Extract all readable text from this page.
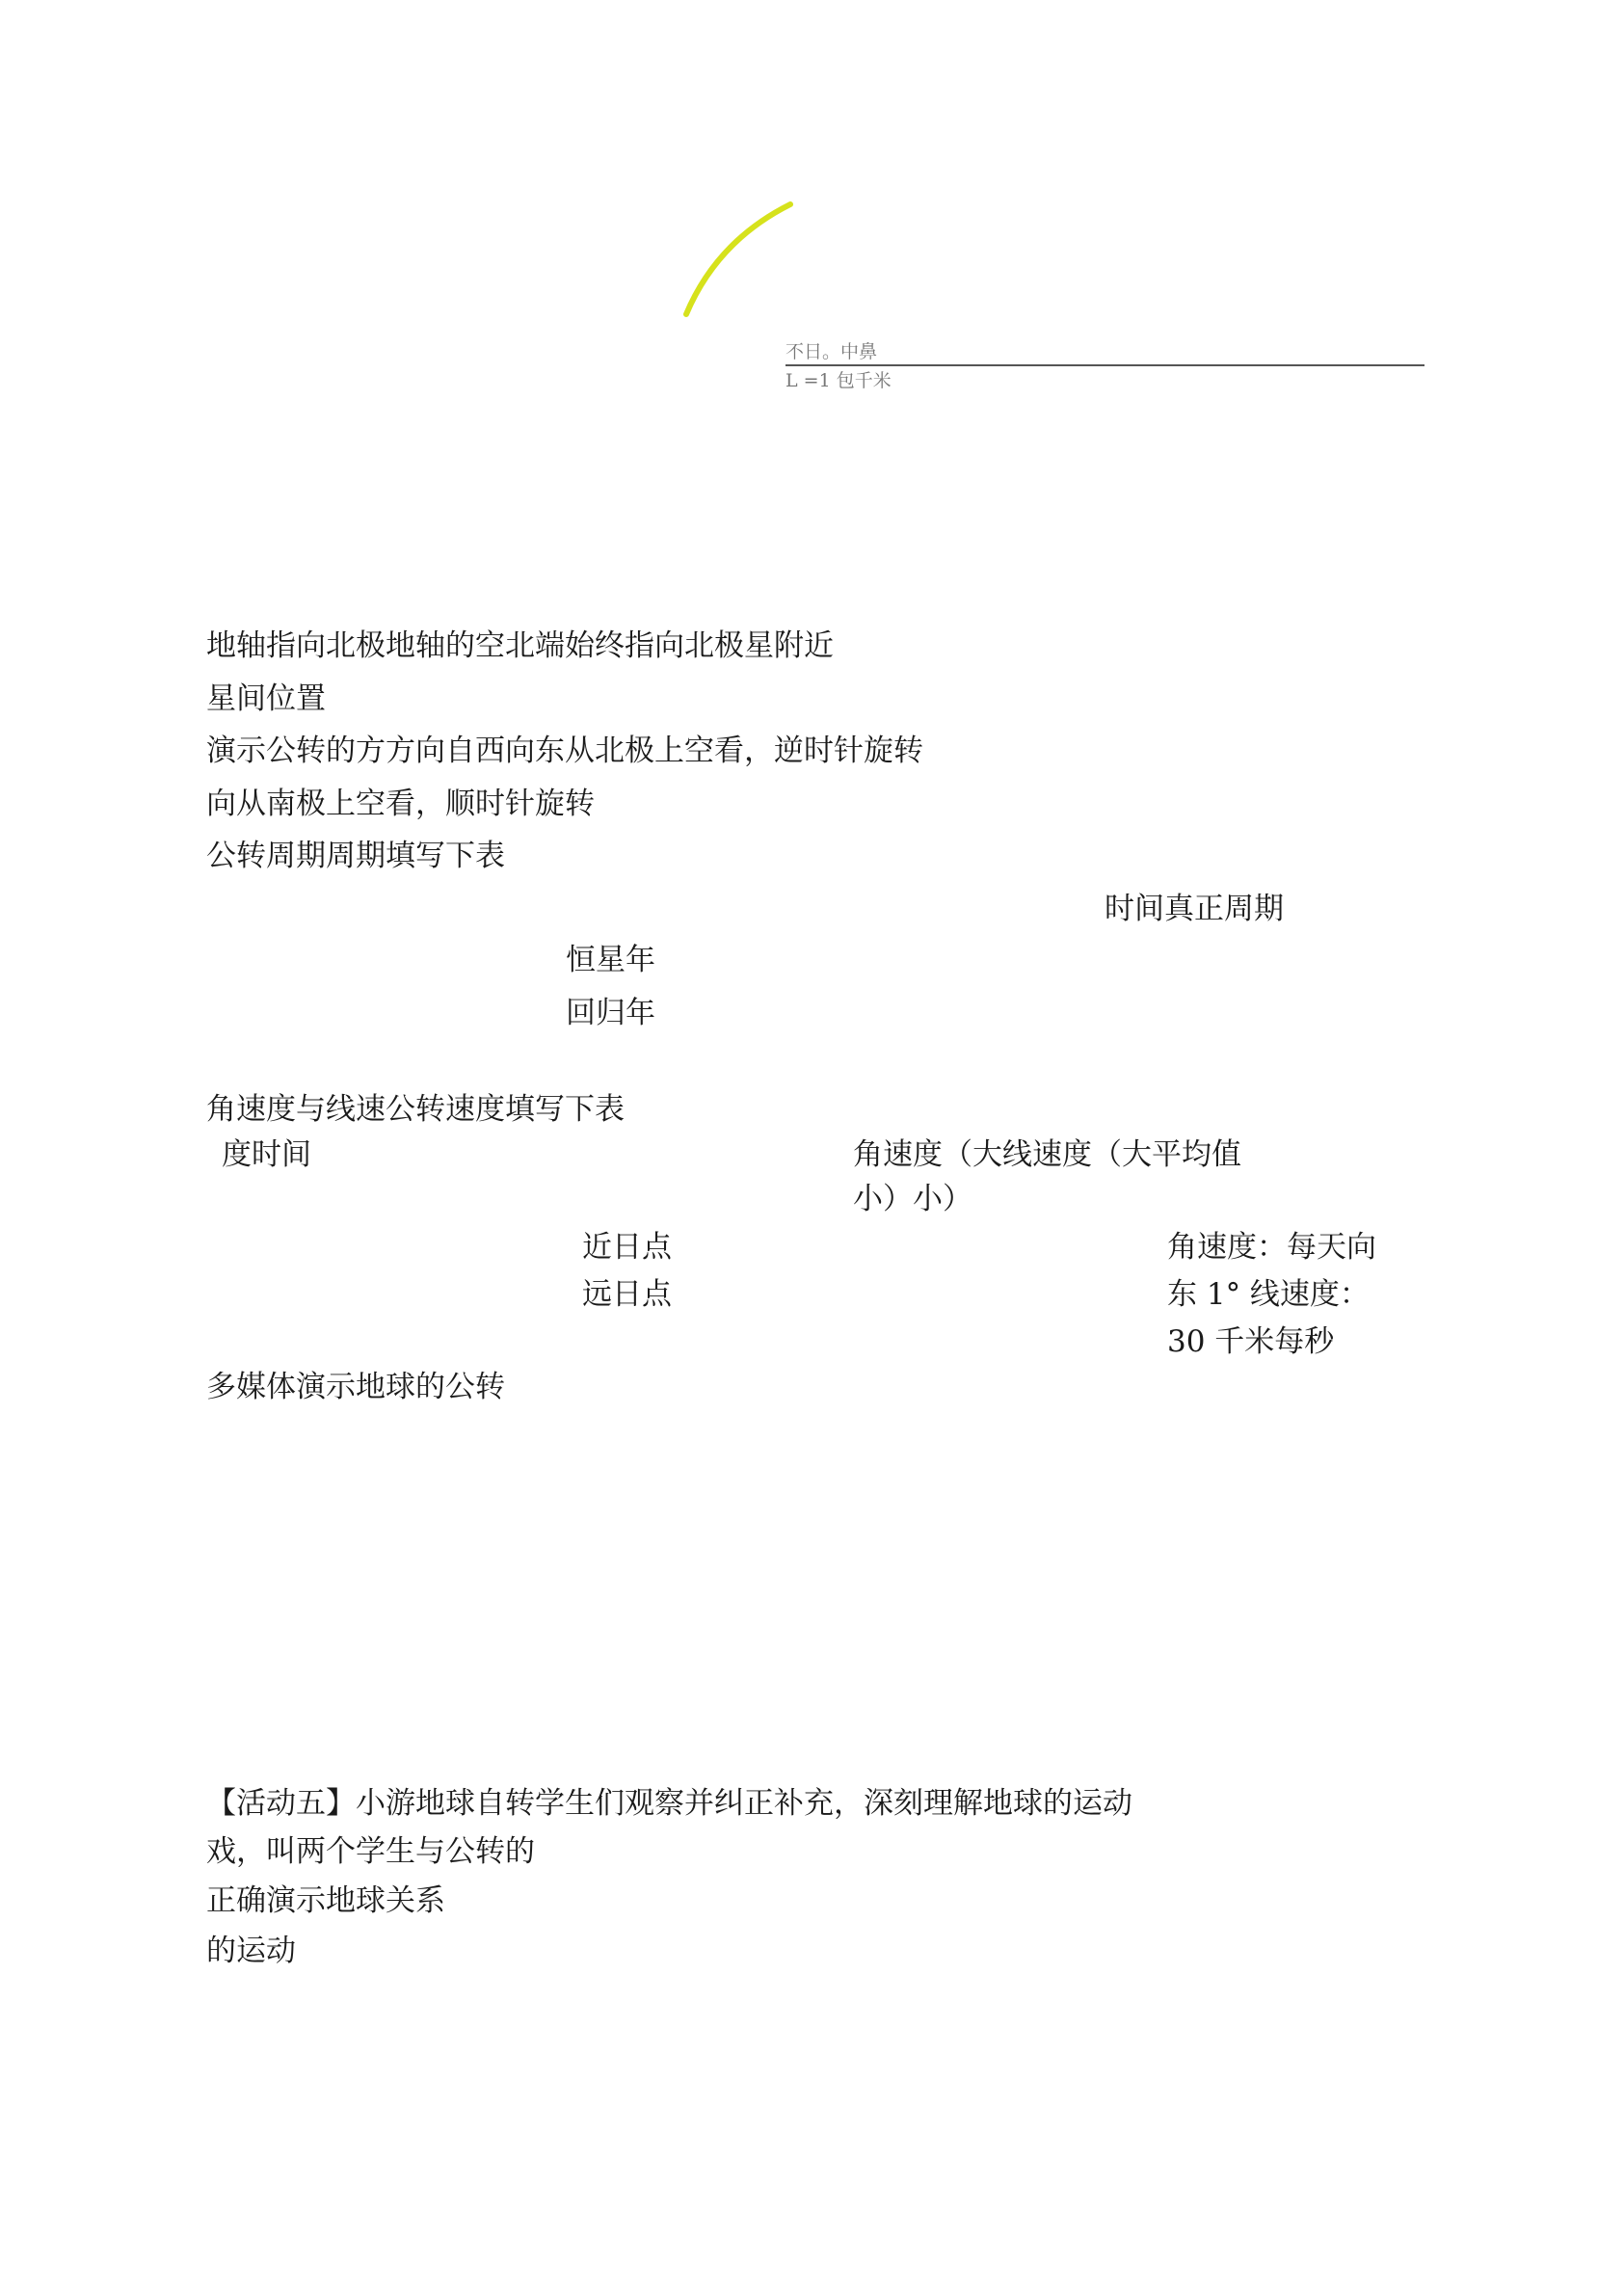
不日。中鼻
L =1 包千米
地轴指向北极地轴的空北端始终指向北极星附近
星间位置
演示公转的方方向自西向东从北极上空看，逆时针旋转
向从南极上空看，顺时针旋转
公转周期周期填写下表
时间真正周期
恒星年
回归年
角速度与线速公转速度填写下表
度时间	角速度（大线速度（大平均值
小）小）
近日点
远日点
角速度：每天向
东 1° 线速度：
30 千米每秒
多媒体演示地球的公转
【活动五】小游地球自转学生们观察并纠正补充，深刻理解地球的运动
戏，叫两个学生与公转的
正确演示地球关系
的运动
